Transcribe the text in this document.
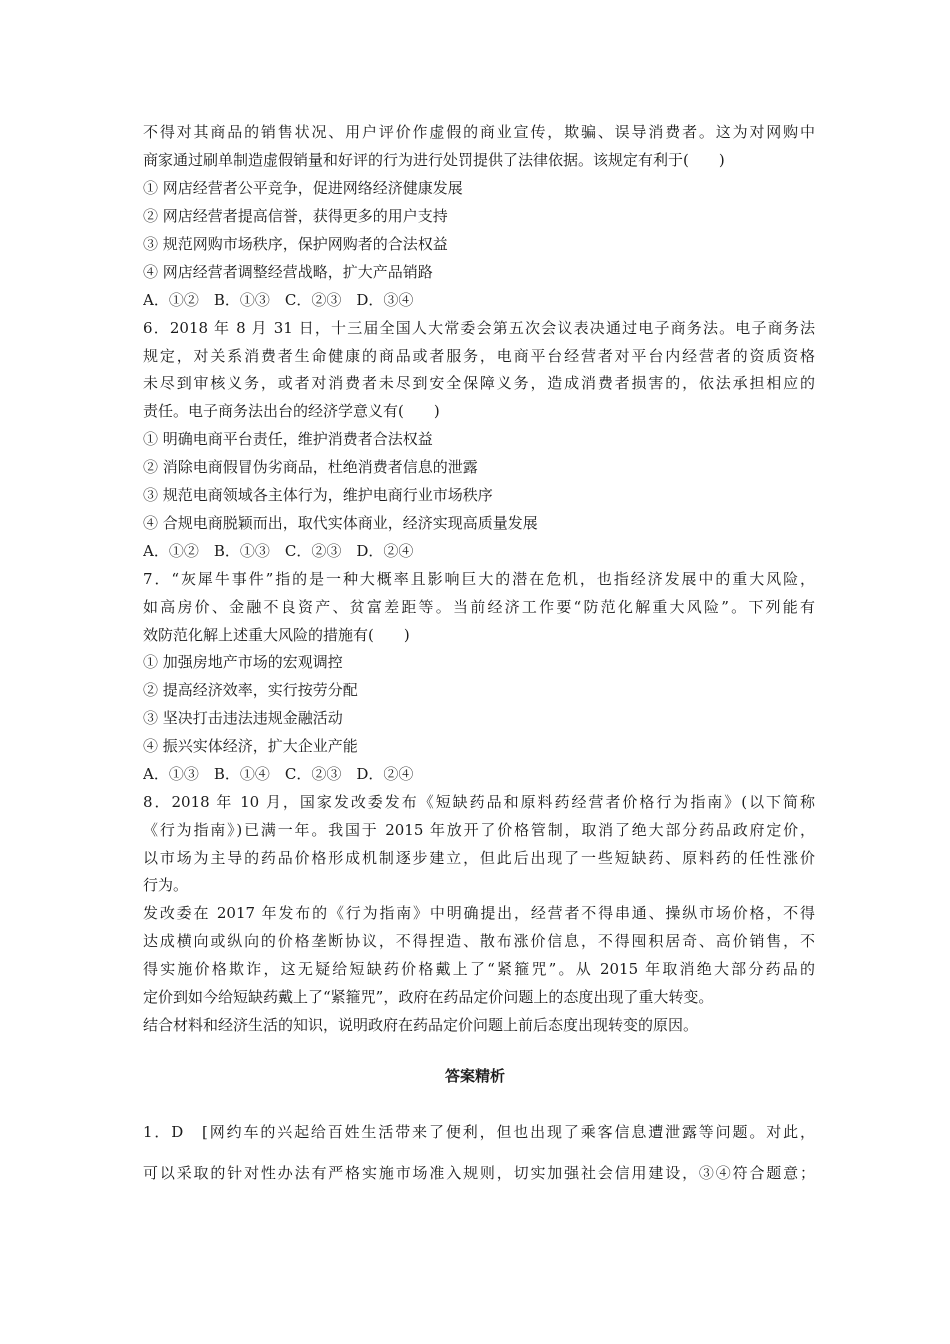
不得对其商品的销售状况、用户评价作虚假的商业宣传，欺骗、误导消费者。这为对网购中
商家通过刷单制造虚假销量和好评的行为进行处罚提供了法律依据。该规定有利于(　　)
① 网店经营者公平竞争，促进网络经济健康发展
② 网店经营者提高信誉，获得更多的用户支持
③ 规范网购市场秩序，保护网购者的合法权益
④ 网店经营者调整经营战略，扩大产品销路
A．①②　B．①③　C．②③　D．③④
6．2018 年 8 月 31 日，十三届全国人大常委会第五次会议表决通过电子商务法。电子商务法
规定，对关系消费者生命健康的商品或者服务，电商平台经营者对平台内经营者的资质资格
未尽到审核义务，或者对消费者未尽到安全保障义务，造成消费者损害的，依法承担相应的
责任。电子商务法出台的经济学意义有(　　)
① 明确电商平台责任，维护消费者合法权益
② 消除电商假冒伪劣商品，杜绝消费者信息的泄露
③ 规范电商领域各主体行为，维护电商行业市场秩序
④ 合规电商脱颖而出，取代实体商业，经济实现高质量发展
A．①②　B．①③　C．②③　D．②④
7．“灰犀牛事件”指的是一种大概率且影响巨大的潜在危机，也指经济发展中的重大风险，
如高房价、金融不良资产、贫富差距等。当前经济工作要“防范化解重大风险”。下列能有
效防范化解上述重大风险的措施有(　　)
① 加强房地产市场的宏观调控
② 提高经济效率，实行按劳分配
③ 坚决打击违法违规金融活动
④ 振兴实体经济，扩大企业产能
A．①③　B．①④　C．②③　D．②④
8．2018 年 10 月，国家发改委发布《短缺药品和原料药经营者价格行为指南》(以下简称
《行为指南》)已满一年。我国于 2015 年放开了价格管制，取消了绝大部分药品政府定价，
以市场为主导的药品价格形成机制逐步建立，但此后出现了一些短缺药、原料药的任性涨价
行为。
发改委在 2017 年发布的《行为指南》中明确提出，经营者不得串通、操纵市场价格，不得
达成横向或纵向的价格垄断协议，不得捏造、散布涨价信息，不得囤积居奇、高价销售，不
得实施价格欺诈，这无疑给短缺药价格戴上了“紧箍咒”。从 2015 年取消绝大部分药品的
定价到如今给短缺药戴上了“紧箍咒”，政府在药品定价问题上的态度出现了重大转变。
结合材料和经济生活的知识，说明政府在药品定价问题上前后态度出现转变的原因。
答案精析
1．D　[网约车的兴起给百姓生活带来了便利，但也出现了乘客信息遭泄露等问题。对此，
可以采取的针对性办法有严格实施市场准入规则，切实加强社会信用建设，③④符合题意；
